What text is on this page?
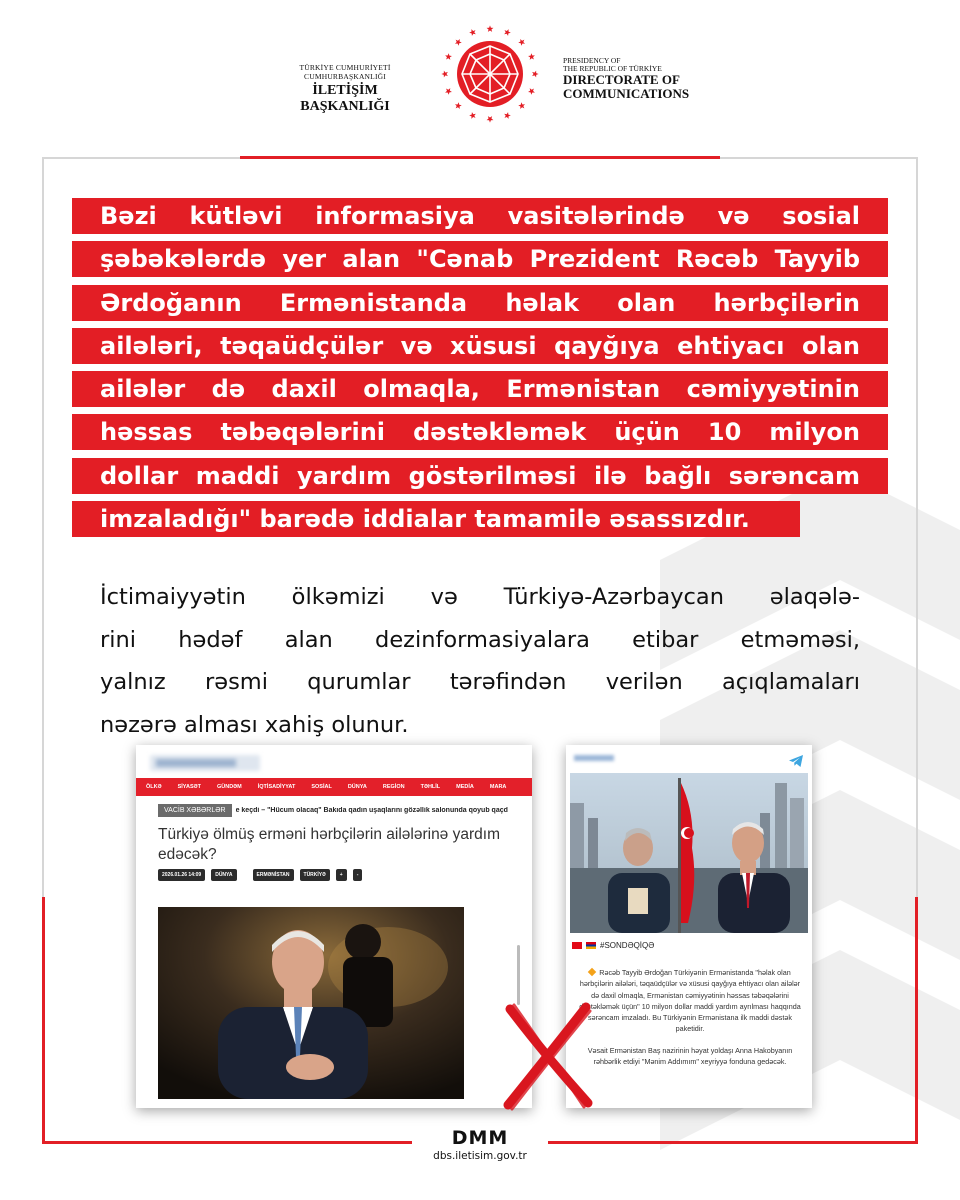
TÜRKİYE CUMHURİYETİ CUMHURBAŞKANLIĞI
İLETİŞİM BAŞKANLIĞI
PRESIDENCY OF
THE REPUBLIC OF TÜRKİYE
DIRECTORATE OF
COMMUNICATIONS
Bəzi kütləvi informasiya vasitələrində və sosial
şəbəkələrdə yer alan "Cənab Prezident Rəcəb Tayyib
Ərdoğanın Ermənistanda həlak olan hərbçilərin
ailələri, təqaüdçülər və xüsusi qayğıya ehtiyacı olan
ailələr də daxil olmaqla, Ermənistan cəmiyyətinin
həssas təbəqələrini dəstəkləmək üçün 10 milyon
dollar maddi yardım göstərilməsi ilə bağlı sərəncam
imzaladığı" barədə iddialar tamamilə əsassızdır.
İctimaiyyətin ölkəmizi və Türkiyə-Azərbaycan əlaqələ-
rini hədəf alan dezinformasiyalara etibar etməməsi,
yalnız rəsmi qurumlar tərəfindən verilən açıqlamaları
nəzərə alması xahiş olunur.
ÖLKƏ	SİYASƏT	GÜNDƏM	İQTİSADİYYAT	SOSİAL	DÜNYA	REGİON	TƏHLİL	MEDİA	MARA
VACİB XƏBƏRLƏR	e keçdi – "Hücum olacaq" Bakıda qadın uşaqlarını gözəllik salonunda qoyub qaçd
Türkiyə ölmüş erməni hərbçilərin ailələrinə yardım edəcək?
2026.01.26 14:09	DÜNYA	ERMƏNİSTAN	TÜRKİYƏ	+	-
#SONDƏQİQƏ

Rəcəb Tayyib Ərdoğan Türkiyənin Ermənistanda "həlak olan hərbçilərin ailələri, təqaüdçülər və xüsusi qayğıya ehtiyacı olan ailələr də daxil olmaqla, Ermənistan cəmiyyətinin həssas təbəqələrini dəstəkləmək üçün" 10 milyon dollar maddi yardım ayrılması haqqında sərəncam imzaladı. Bu Türkiyənin Ermənistana ilk maddi dəstək paketidir.

Vəsait Ermənistan Baş nazirinin həyat yoldaşı Anna Hakobyanın rəhbərlik etdiyi "Mənim Addımım" xeyriyyə fonduna gedəcək.

DMM
dbs.iletisim.gov.tr
